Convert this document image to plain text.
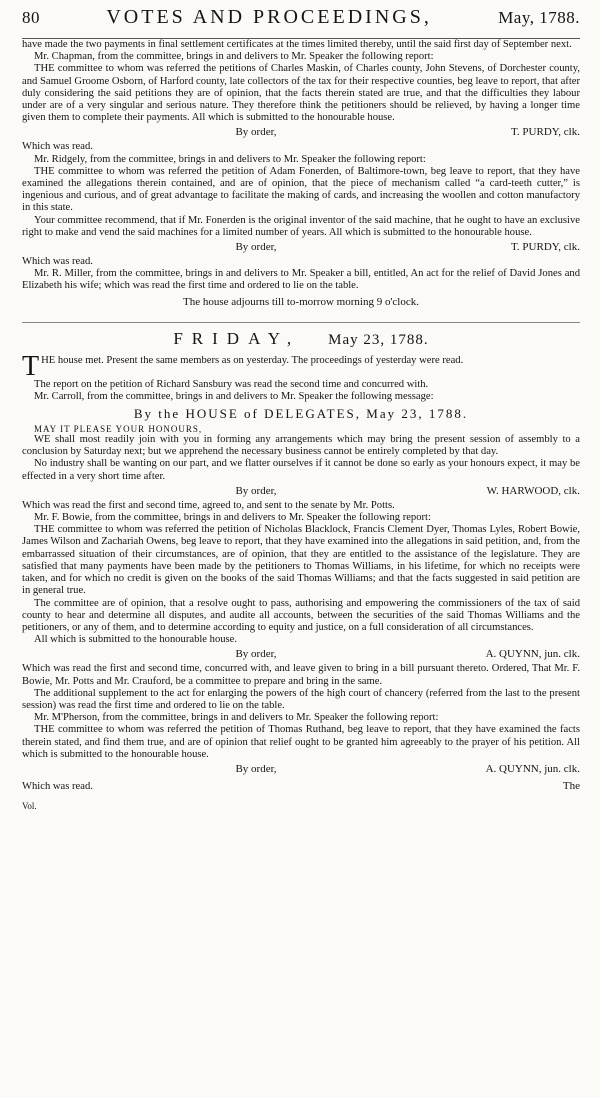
80	VOTES AND PROCEEDINGS,	May, 1788.

have made the two payments in final settlement certificates at the times limited thereby, until the said first day of September next.

Mr. Chapman, from the committee, brings in and delivers to Mr. Speaker the following report:

THE committee to whom was referred the petitions of Charles Maskin, of Charles county, John Stevens, of Dorchester county, and Samuel Groome Osborn, of Harford county, late collectors of the tax for their respective counties, beg leave to report, that after duly considering the said petitions they are of opinion, that the facts therein stated are true, and that the difficulties they labour under are of a very singular and serious nature. They therefore think the petitioners should be relieved, by having a longer time given them to complete their payments. All which is submitted to the honourable house.

By order,	T. PURDY, clk.

Which was read.

Mr. Ridgely, from the committee, brings in and delivers to Mr. Speaker the following report:

THE committee to whom was referred the petition of Adam Fonerden, of Baltimore-town, beg leave to report, that they have examined the allegations therein contained, and are of opinion, that the piece of mechanism called “a card-teeth cutter,” is ingenious and curious, and of great advantage to facilitate the making of cards, and increasing the woollen and cotton manufactory in this state.

Your committee recommend, that if Mr. Fonerden is the original inventor of the said machine, that he ought to have an exclusive right to make and vend the said machines for a limited number of years. All which is submitted to the honourable house.

By order,	T. PURDY, clk.

Which was read.

Mr. R. Miller, from the committee, brings in and delivers to Mr. Speaker a bill, entitled, An act for the relief of David Jones and Elizabeth his wife; which was read the first time and ordered to lie on the table.

The house adjourns till to-morrow morning 9 o'clock.
FRIDAY, May 23, 1788.

THE house met. Present the same members as on yesterday. The proceedings of yesterday were read.

The report on the petition of Richard Sansbury was read the second time and concurred with.

Mr. Carroll, from the committee, brings in and delivers to Mr. Speaker the following message:

By the HOUSE of DELEGATES, May 23, 1788.

MAY IT PLEASE YOUR HONOURS,

WE shall most readily join with you in forming any arrangements which may bring the present session of assembly to a conclusion by Saturday next; but we apprehend the necessary business cannot be entirely completed by that day.

No industry shall be wanting on our part, and we flatter ourselves if it cannot be done so early as your honours expect, it may be effected in a very short time after.

By order,	W. HARWOOD, clk.

Which was read the first and second time, agreed to, and sent to the senate by Mr. Potts.

Mr. F. Bowie, from the committee, brings in and delivers to Mr. Speaker the following report:

THE committee to whom was referred the petition of Nicholas Blacklock, Francis Clement Dyer, Thomas Lyles, Robert Bowie, James Wilson and Zachariah Owens, beg leave to report, that they have examined into the allegations in said petition, and, from the embarrassed situation of their circumstances, are of opinion, that they are entitled to the assistance of the legislature. They are satisfied that many payments have been made by the petitioners to Thomas Williams, in his lifetime, for which no receipts were taken, and for which no credit is given on the books of the said Thomas Williams; and that the facts suggested in said petition are in general true.

The committee are of opinion, that a resolve ought to pass, authorising and empowering the commissioners of the tax of said county to hear and determine all disputes, and audite all accounts, between the securities of the said Thomas Williams and the petitioners, or any of them, and to determine according to equity and justice, on a full consideration of all circumstances.

All which is submitted to the honourable house.

By order,	A. QUYNN, jun. clk.

Which was read the first and second time, concurred with, and leave given to bring in a bill pursuant thereto. Ordered, That Mr. F. Bowie, Mr. Potts and Mr. Crauford, be a committee to prepare and bring in the same.

The additional supplement to the act for enlarging the powers of the high court of chancery (referred from the last to the present session) was read the first time and ordered to lie on the table.

Mr. M'Pherson, from the committee, brings in and delivers to Mr. Speaker the following report:

THE committee to whom was referred the petition of Thomas Ruthand, beg leave to report, that they have examined the facts therein stated, and find them true, and are of opinion that relief ought to be granted him agreeably to the prayer of his petition. All which is submitted to the honourable house.

By order,	A. QUYNN, jun. clk.

Which was read.	The
Vol.
